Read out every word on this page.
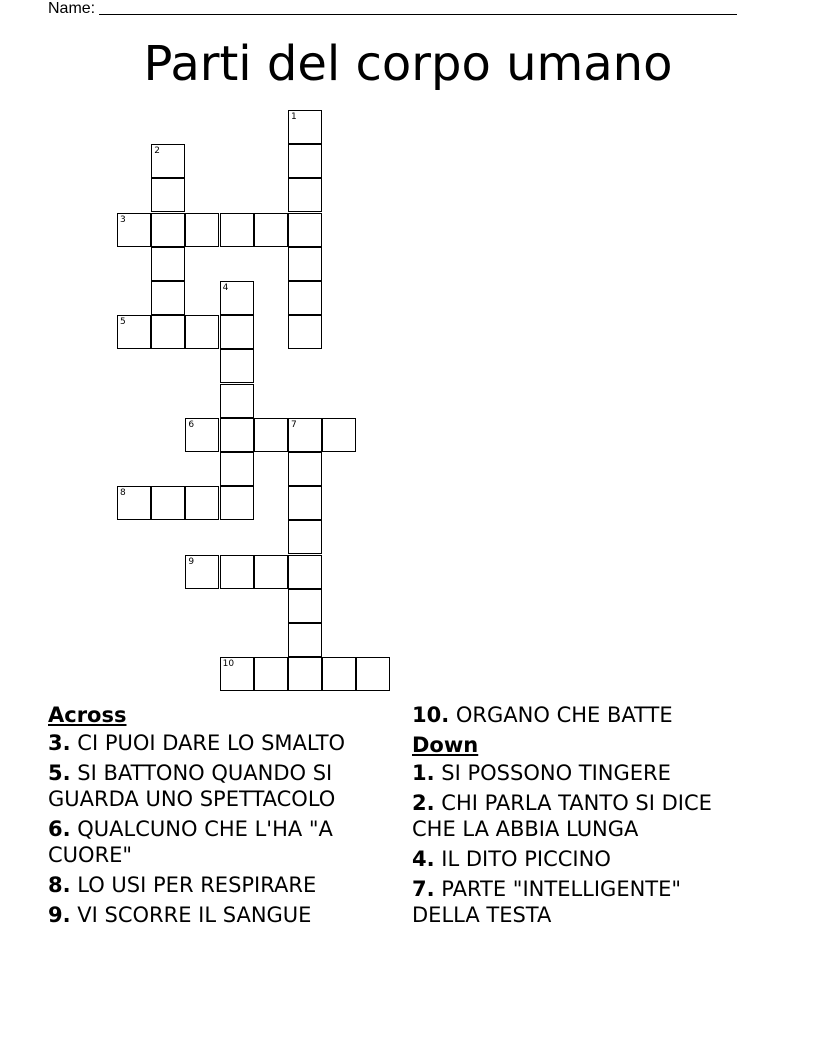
Name:
Parti del corpo umano
1
2
3
4
5
6	7
8
9
10
Across
3. CI PUOI DARE LO SMALTO
5. SI BATTONO QUANDO SI GUARDA UNO SPETTACOLO
6. QUALCUNO CHE L'HA "A CUORE"
8. LO USI PER RESPIRARE
9. VI SCORRE IL SANGUE
10. ORGANO CHE BATTE
Down
1. SI POSSONO TINGERE
2. CHI PARLA TANTO SI DICE CHE LA ABBIA LUNGA
4. IL DITO PICCINO
7. PARTE "INTELLIGENTE" DELLA TESTA
